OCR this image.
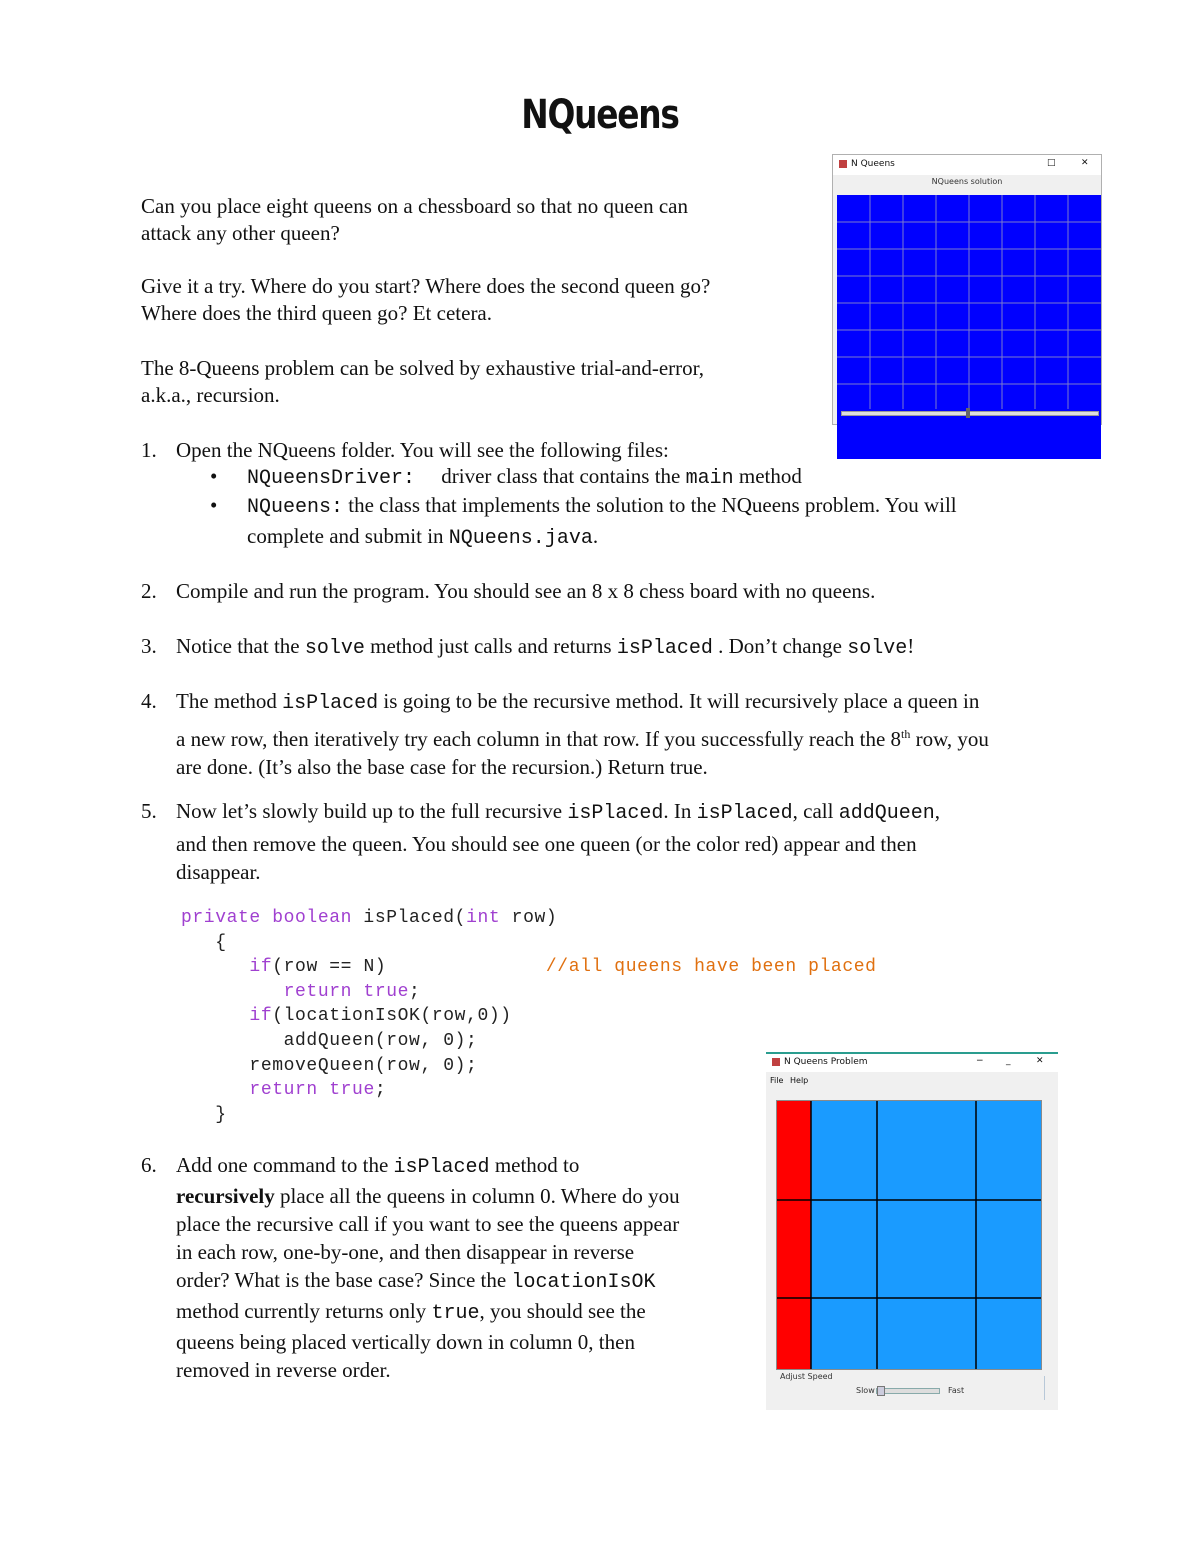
NQueens
Can you place eight queens on a chessboard so that no queen can
attack any other queen?
Give it a try. Where do you start? Where does the second queen go?
Where does the third queen go? Et cetera.
The 8-Queens problem can be solved by exhaustive trial-and-error,
a.k.a., recursion.
1. Open the NQueens folder. You will see the following files:
• NQueensDriver: driver class that contains the main method
• NQueens: the class that implements the solution to the NQueens problem. You will
complete and submit in NQueens.java.
2. Compile and run the program. You should see an 8 x 8 chess board with no queens.
3. Notice that the solve method just calls and returns isPlaced . Don’t change solve!
4. The method isPlaced is going to be the recursive method. It will recursively place a queen in
a new row, then iteratively try each column in that row. If you successfully reach the 8th row, you
are done. (It’s also the base case for the recursion.) Return true.
5. Now let’s slowly build up to the full recursive isPlaced. In isPlaced, call addQueen,
and then remove the queen. You should see one queen (or the color red) appear and then
disappear.
private boolean isPlaced(int row)
{
if(row == N)	//all queens have been placed
return true;
if(locationIsOK(row,0))
addQueen(row, 0);
removeQueen(row, 0);
return true;
}
6. Add one command to the isPlaced method to
recursively place all the queens in column 0. Where do you
place the recursive call if you want to see the queens appear
in each row, one-by-one, and then disappear in reverse
order? What is the base case? Since the locationIsOK
method currently returns only true, you should see the
queens being placed vertically down in column 0, then
removed in reverse order.
N Queens	□	✕
NQueens solution
N Queens Problem	− _	✕
File Help
Adjust Speed
Slow	Fast
